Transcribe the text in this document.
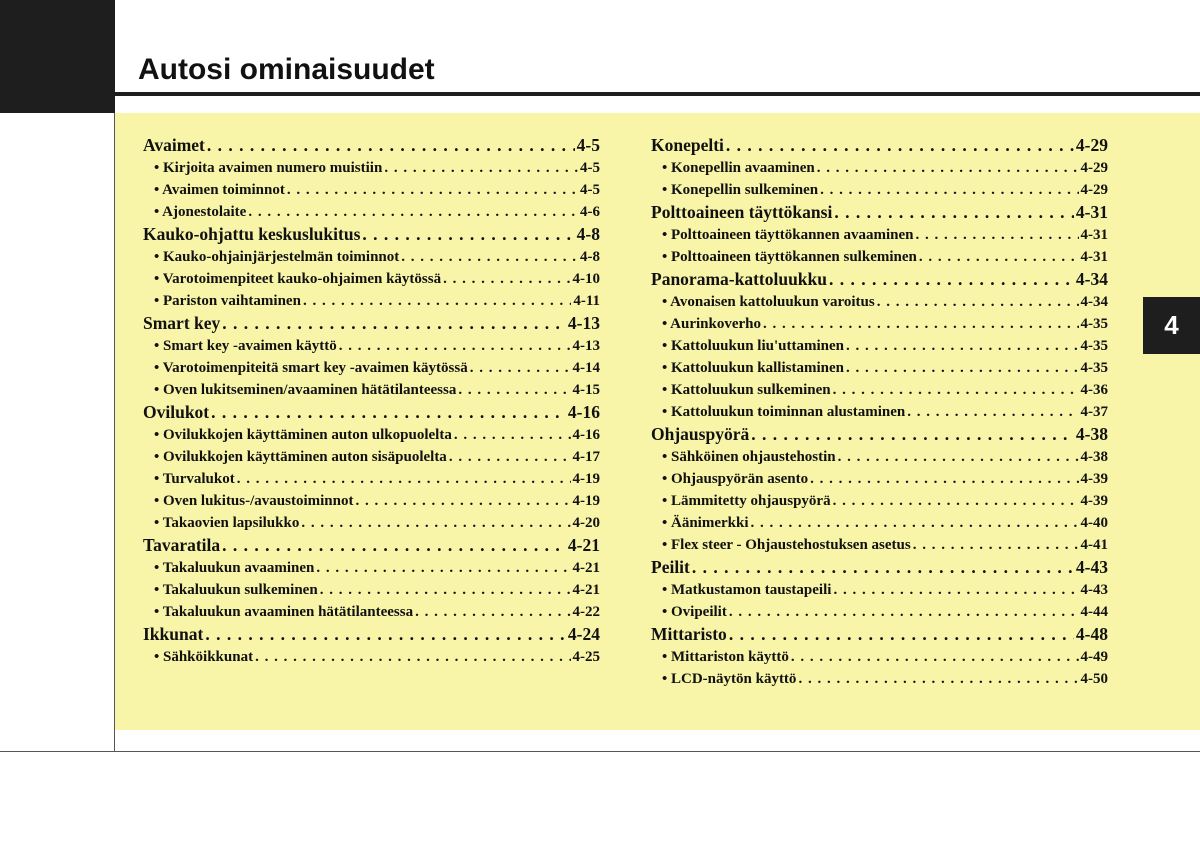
Autosi ominaisuudet
4
Avaimet . . .	4-5
• Kirjoita avaimen numero muistiin . . .	4-5
• Avaimen toiminnot . . .	4-5
• Ajonestolaite . . .	4-6
Kauko-ohjattu keskuslukitus . . .	4-8
• Kauko-ohjainjärjestelmän toiminnot . . .	4-8
• Varotoimenpiteet kauko-ohjaimen käytössä . . .	4-10
• Pariston vaihtaminen . . .	4-11
Smart key . . .	4-13
• Smart key -avaimen käyttö . . .	4-13
• Varotoimenpiteitä smart key -avaimen käytössä . . .	4-14
• Oven lukitseminen/avaaminen hätätilanteessa . . .	4-15
Ovilukot . . .	4-16
• Ovilukkojen käyttäminen auton ulkopuolelta . . .	4-16
• Ovilukkojen käyttäminen auton sisäpuolelta . . .	4-17
• Turvalukot . . .	4-19
• Oven lukitus-/avaustoiminnot . . .	4-19
• Takaovien lapsilukko . . .	4-20
Tavaratila . . .	4-21
• Takaluukun avaaminen . . .	4-21
• Takaluukun sulkeminen . . .	4-21
• Takaluukun avaaminen hätätilanteessa . . .	4-22
Ikkunat . . .	4-24
• Sähköikkunat . . .	4-25
Konepelti . . .	4-29
• Konepellin avaaminen . . .	4-29
• Konepellin sulkeminen . . .	4-29
Polttoaineen täyttökansi . . .	4-31
• Polttoaineen täyttökannen avaaminen . . .	4-31
• Polttoaineen täyttökannen sulkeminen . . .	4-31
Panorama-kattoluukku . . .	4-34
• Avonaisen kattoluukun varoitus . . .	4-34
• Aurinkoverho . . .	4-35
• Kattoluukun liu'uttaminen . . .	4-35
• Kattoluukun kallistaminen . . .	4-35
• Kattoluukun sulkeminen . . .	4-36
• Kattoluukun toiminnan alustaminen . . .	4-37
Ohjauspyörä . . .	4-38
• Sähköinen ohjaustehostin . . .	4-38
• Ohjauspyörän asento . . .	4-39
• Lämmitetty ohjauspyörä . . .	4-39
• Äänimerkki . . .	4-40
• Flex steer - Ohjaustehostuksen asetus . . .	4-41
Peilit . . .	4-43
• Matkustamon taustapeili . . .	4-43
• Ovipeilit . . .	4-44
Mittaristo . . .	4-48
• Mittariston käyttö . . .	4-49
• LCD-näytön käyttö . . .	4-50
